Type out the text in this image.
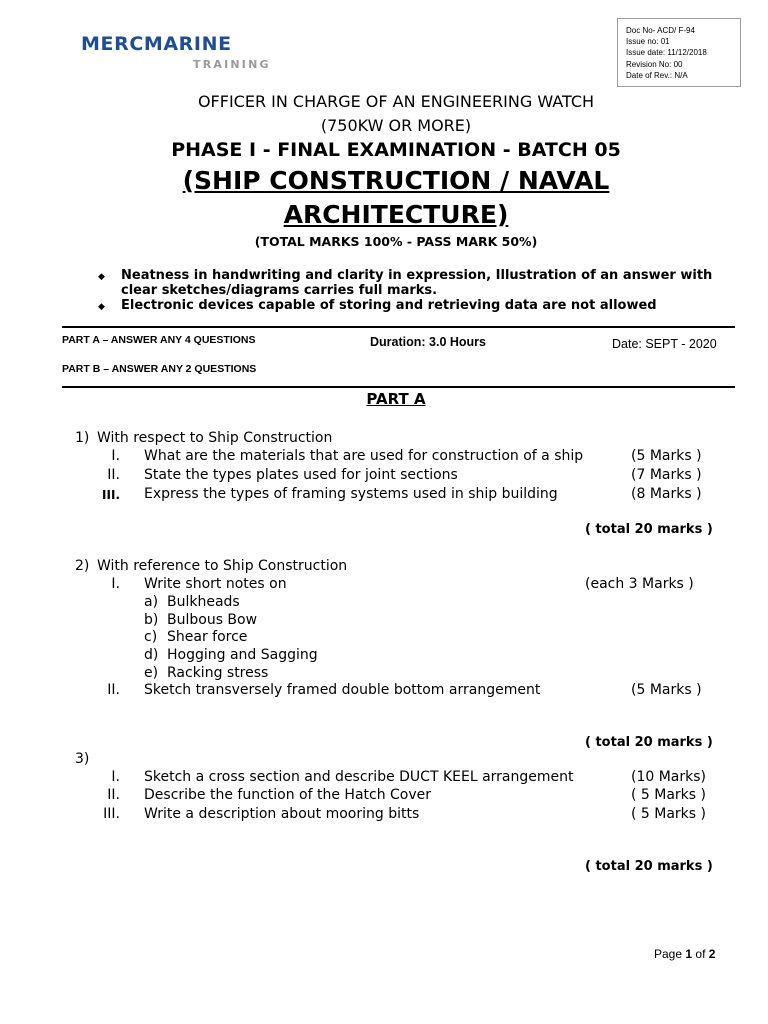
MERCMARINE
TRAINING
Doc No- ACD/ F-94
Issue no: 01
Issue date: 11/12/2018
Revision No: 00
Date of Rev.: N/A
OFFICER IN CHARGE OF AN ENGINEERING WATCH
(750KW OR MORE)
PHASE I - FINAL EXAMINATION - BATCH 05
(SHIP CONSTRUCTION / NAVAL
ARCHITECTURE)
(TOTAL MARKS 100% - PASS MARK 50%)
◆ Neatness in handwriting and clarity in expression, Illustration of an answer with
clear sketches/diagrams carries full marks.
◆ Electronic devices capable of storing and retrieving data are not allowed
PART A – ANSWER ANY 4 QUESTIONS	Duration: 3.0 Hours	Date: SEPT - 2020
PART B – ANSWER ANY 2 QUESTIONS
PART A
1) With respect to Ship Construction
I. What are the materials that are used for construction of a ship	(5 Marks )
II. State the types plates used for joint sections	(7 Marks )
III. Express the types of framing systems used in ship building	(8 Marks )
( total 20 marks )
2) With reference to Ship Construction
I. Write short notes on	(each 3 Marks )
a) Bulkheads
b) Bulbous Bow
c) Shear force
d) Hogging and Sagging
e) Racking stress
II. Sketch transversely framed double bottom arrangement	(5 Marks )
( total 20 marks )
3)
I. Sketch a cross section and describe DUCT KEEL arrangement	(10 Marks)
II. Describe the function of the Hatch Cover	( 5 Marks )
III. Write a description about mooring bitts	( 5 Marks )
( total 20 marks )
Page 1 of 2
